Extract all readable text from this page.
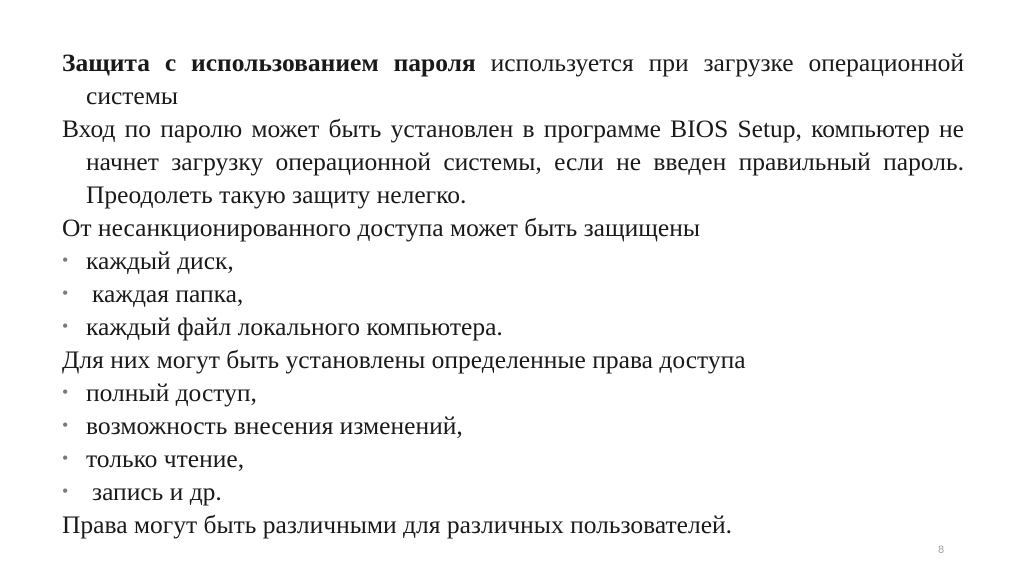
Защита с использованием пароля используется при загрузке операционной системы

Вход по паролю может быть установлен в программе BIOS Setup, компьютер не начнет загрузку операционной системы, если не введен правильный пароль. Преодолеть такую защиту нелегко.

От несанкционированного доступа может быть защищены

• каждый диск,

• каждая папка,

• каждый файл локального компьютера.

Для них могут быть установлены определенные права доступа

• полный доступ,

• возможность внесения изменений,

• только чтение,

• запись и др.

Права могут быть различными для различных пользователей.

8
